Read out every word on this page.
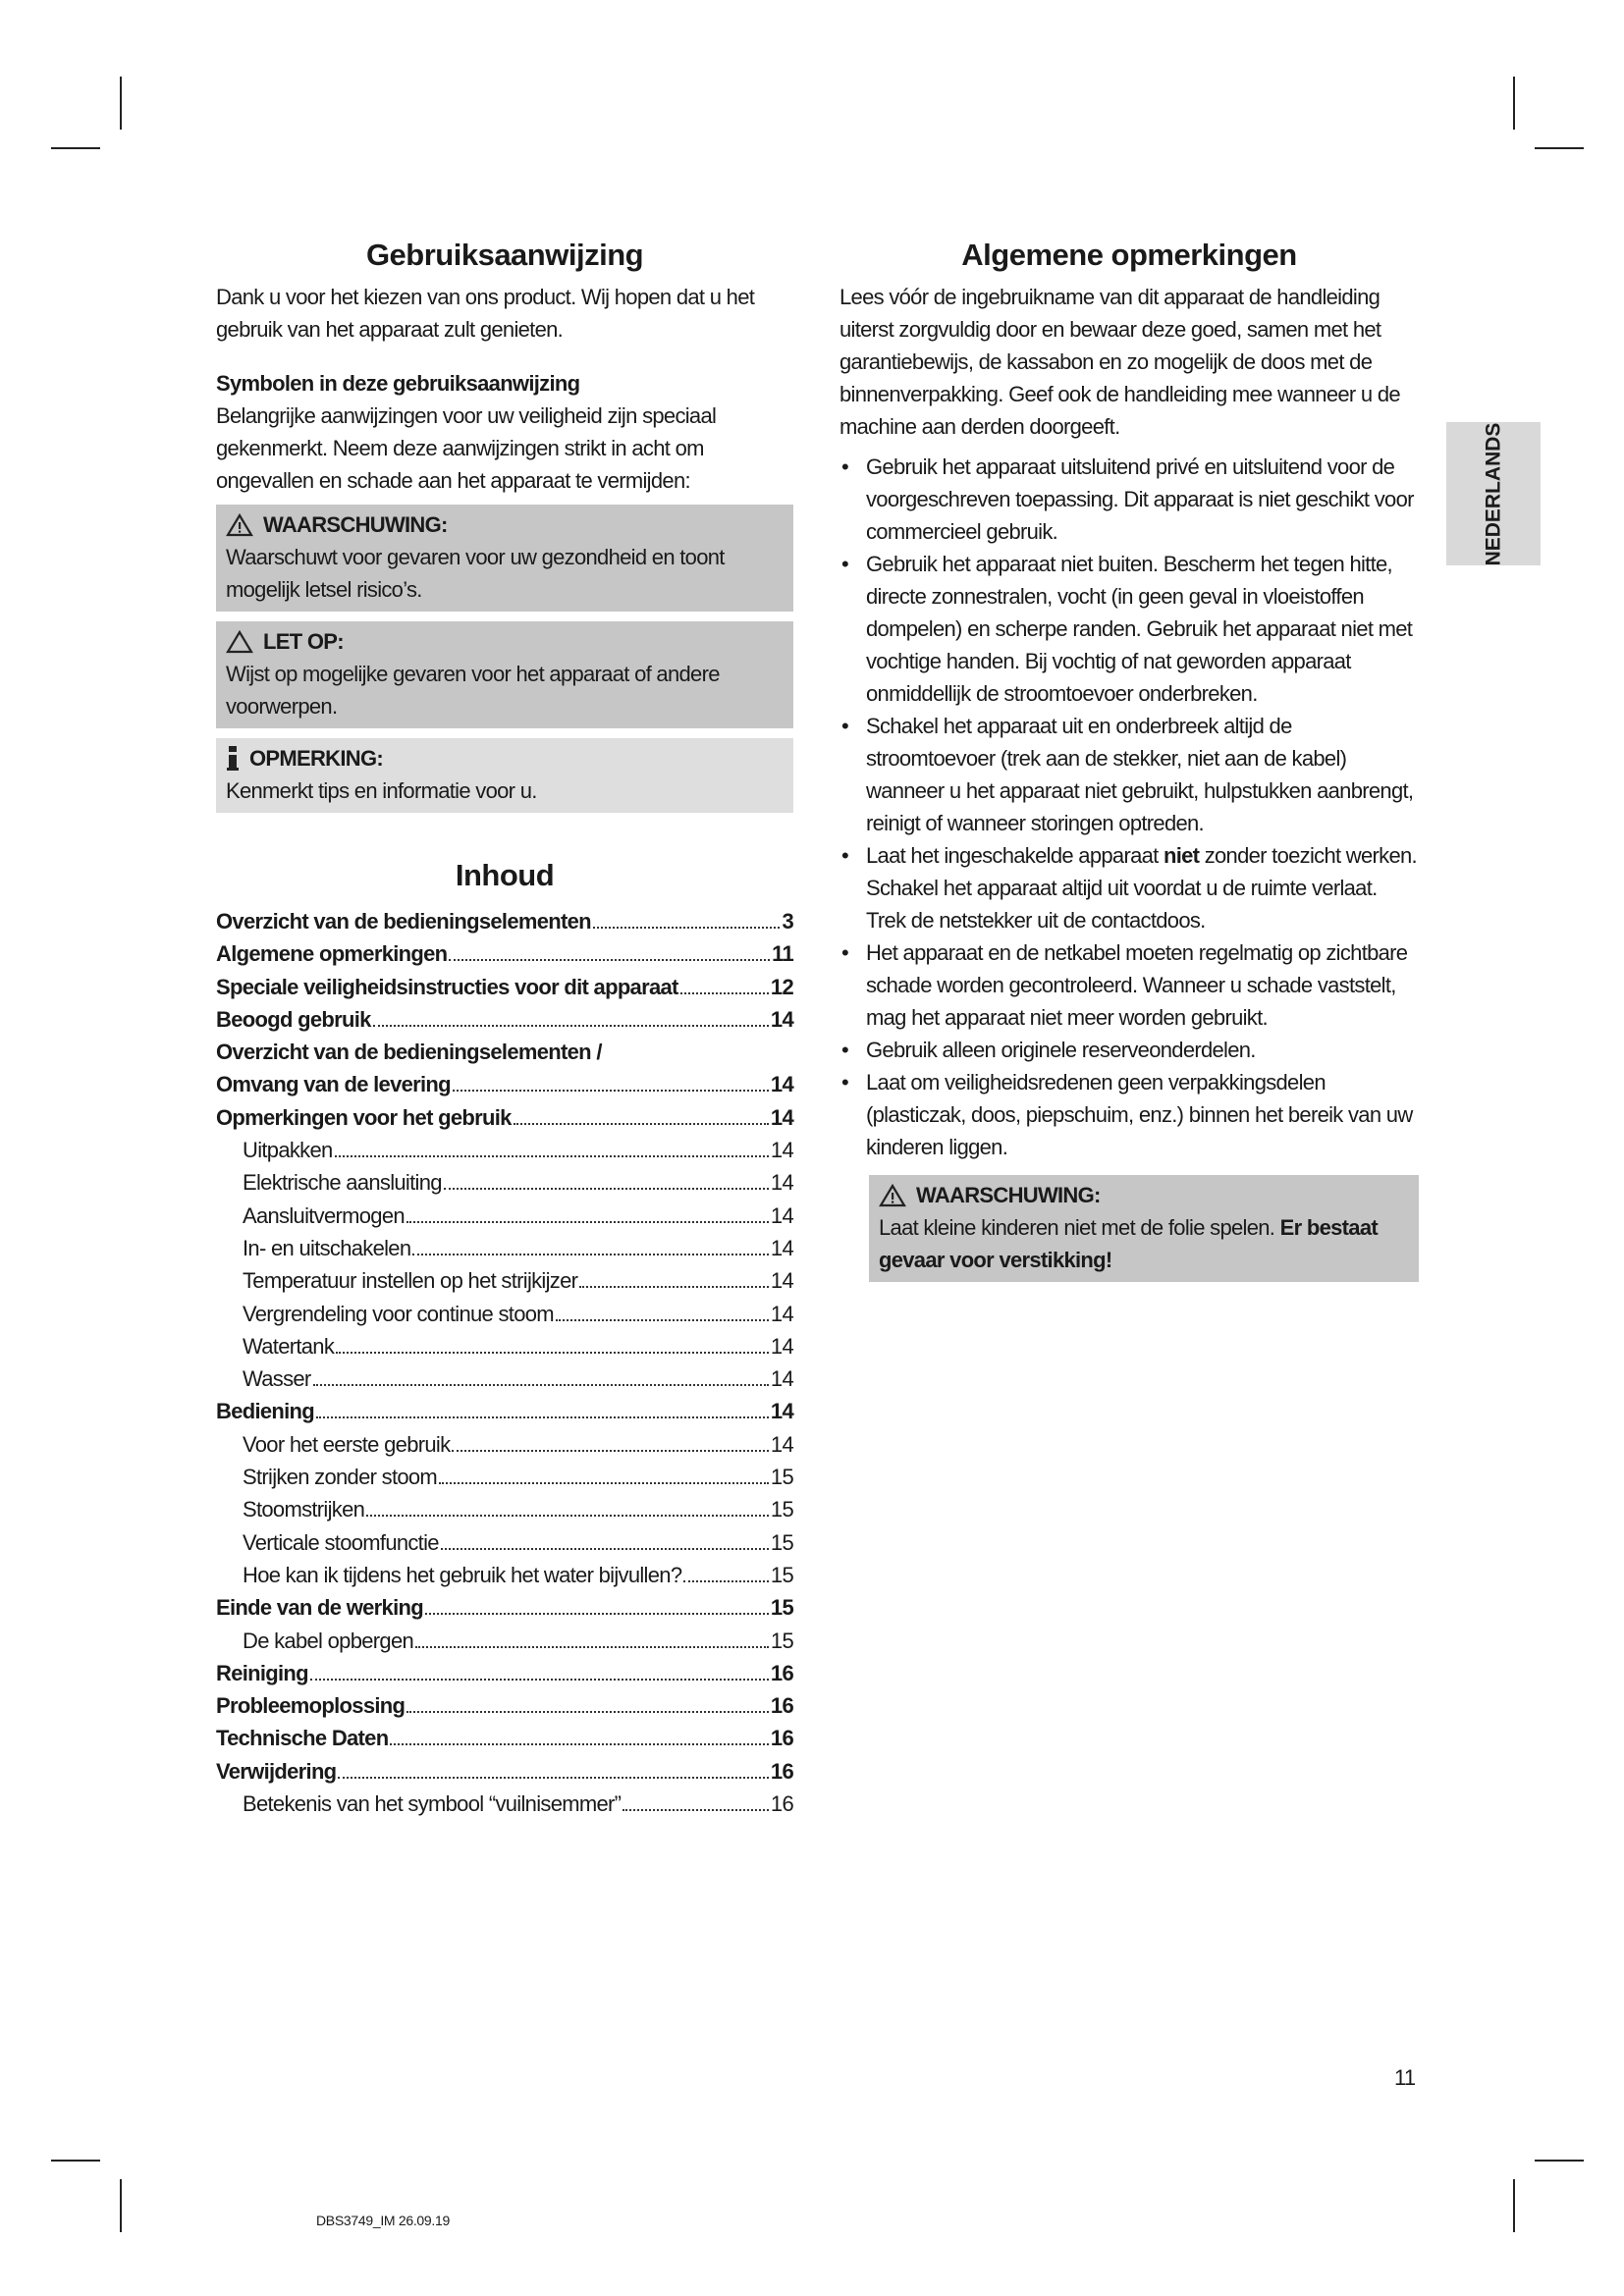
Gebruiksaanwijzing

Dank u voor het kiezen van ons product. Wij hopen dat u het gebruik van het apparaat zult genieten.

Symbolen in deze gebruiksaanwijzing

Belangrijke aanwijzingen voor uw veiligheid zijn speciaal gekenmerkt. Neem deze aanwijzingen strikt in acht om ongevallen en schade aan het apparaat te vermijden:

WAARSCHUWING:

Waarschuwt voor gevaren voor uw gezondheid en toont mogelijk letsel risico’s.

LET OP:

Wijst op mogelijke gevaren voor het apparaat of andere voorwerpen.

OPMERKING:

Kenmerkt tips en informatie voor u.

Inhoud
Overzicht van de bedieningselementen	3
Algemene opmerkingen	11
Speciale veiligheidsinstructies voor dit apparaat	12
Beoogd gebruik	14
Overzicht van de bedieningselementen /
Omvang van de levering	14
Opmerkingen voor het gebruik	14
Uitpakken	14
Elektrische aansluiting	14
Aansluitvermogen	14
In- en uitschakelen	14
Temperatuur instellen op het strijkijzer	14
Vergrendeling voor continue stoom	14
Watertank	14
Wasser	14
Bediening	14
Voor het eerste gebruik	14
Strijken zonder stoom	15
Stoomstrijken	15
Verticale stoomfunctie	15
Hoe kan ik tijdens het gebruik het water bijvullen?	15
Einde van de werking	15
De kabel opbergen	15
Reiniging	16
Probleemoplossing	16
Technische Daten	16
Verwijdering	16
Betekenis van het symbool “vuilnisemmer”	16
Algemene opmerkingen

Lees vóór de ingebruikname van dit apparaat de handleiding uiterst zorgvuldig door en bewaar deze goed, samen met het garantiebewijs, de kassabon en zo mogelijk de doos met de binnenverpakking. Geef ook de handleiding mee wanneer u de machine aan derden doorgeeft.

• Gebruik het apparaat uitsluitend privé en uitsluitend voor de voorgeschreven toepassing. Dit apparaat is niet geschikt voor commercieel gebruik.
• Gebruik het apparaat niet buiten. Bescherm het tegen hitte, directe zonnestralen, vocht (in geen geval in vloeistoffen dompelen) en scherpe randen. Gebruik het apparaat niet met vochtige handen. Bij vochtig of nat geworden apparaat onmiddellijk de stroomtoevoer onderbreken.
• Schakel het apparaat uit en onderbreek altijd de stroomtoevoer (trek aan de stekker, niet aan de kabel) wanneer u het apparaat niet gebruikt, hulpstukken aanbrengt, reinigt of wanneer storingen optreden.
• Laat het ingeschakelde apparaat niet zonder toezicht werken. Schakel het apparaat altijd uit voordat u de ruimte verlaat. Trek de netstekker uit de contactdoos.
• Het apparaat en de netkabel moeten regelmatig op zichtbare schade worden gecontroleerd. Wanneer u schade vaststelt, mag het apparaat niet meer worden gebruikt.
• Gebruik alleen originele reserveonderdelen.
• Laat om veiligheidsredenen geen verpakkingsdelen (plasticzak, doos, piepschuim, enz.) binnen het bereik van uw kinderen liggen.
WAARSCHUWING:

Laat kleine kinderen niet met de folie spelen. Er bestaat gevaar voor verstikking!

NEDERLANDS
11
DBS3749_IM 26.09.19
